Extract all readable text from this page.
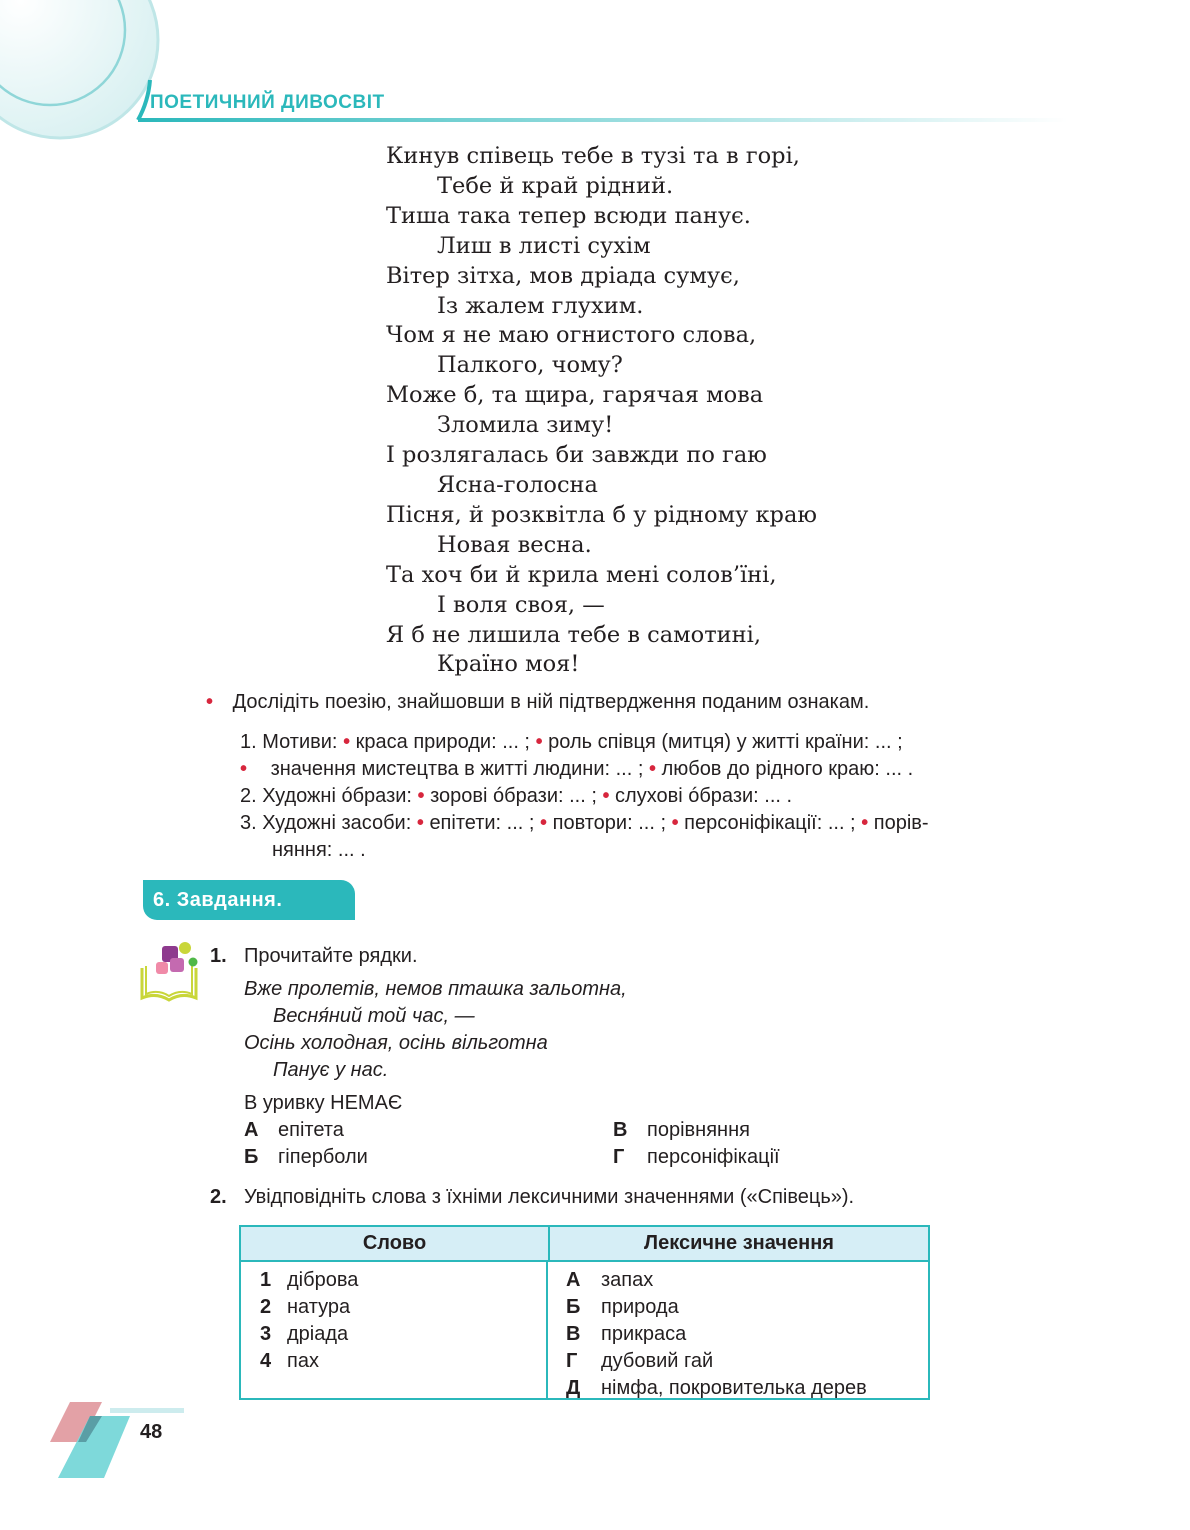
ПОЕТИЧНИЙ ДИВОСВІТ
Кинув співець тебе в тузі та в горі,
Тебе й край рідний.
Тиша така тепер всюди панує.
Лиш в листі сухім
Вітер зітха, мов дріада сумує,
Із жалем глухим.
Чом я не маю огнистого слова,
Палкого, чому?
Може б, та щира, гарячая мова
Зломила зиму!
І розлягалась би завжди по гаю
Ясна-голосна
Пісня, й розквітла б у рідному краю
Новая весна.
Та хоч би й крила мені солов’їні,
І воля своя, —
Я б не лишила тебе в самотині,
Країно моя!
• Дослідіть поезію, знайшовши в ній підтвердження поданим ознакам.
1. Мотиви: • краса природи: ... ; • роль співця (митця) у житті країни: ... ;
• значення мистецтва в житті людини: ... ; • любов до рідного краю: ... .
2. Художні óбрази: • зорові óбрази: ... ; • слухові óбрази: ... .
3. Художні засоби: • епітети: ... ; • повтори: ... ; • персоніфікації: ... ; • порів-
няння: ... .
6. Завдання.
1. Прочитайте рядки.
Вже пролетів, немов пташка зальотна,
Весня́ний той час, —
Осінь холодная, осінь вільготна
Панує у нас.
В уривку НЕМАЄ
А епітета
Б гіперболи
В порівняння
Г персоніфікації
2. Увідповідніть слова з їхніми лексичними значеннями («Співець»).
Слово	Лексичне значення
1 діброва
2 натура
3 дріада
4 пах
А запах
Б природа
В прикраса
Г дубовий гай
Д німфа, покровителька дерев
48
